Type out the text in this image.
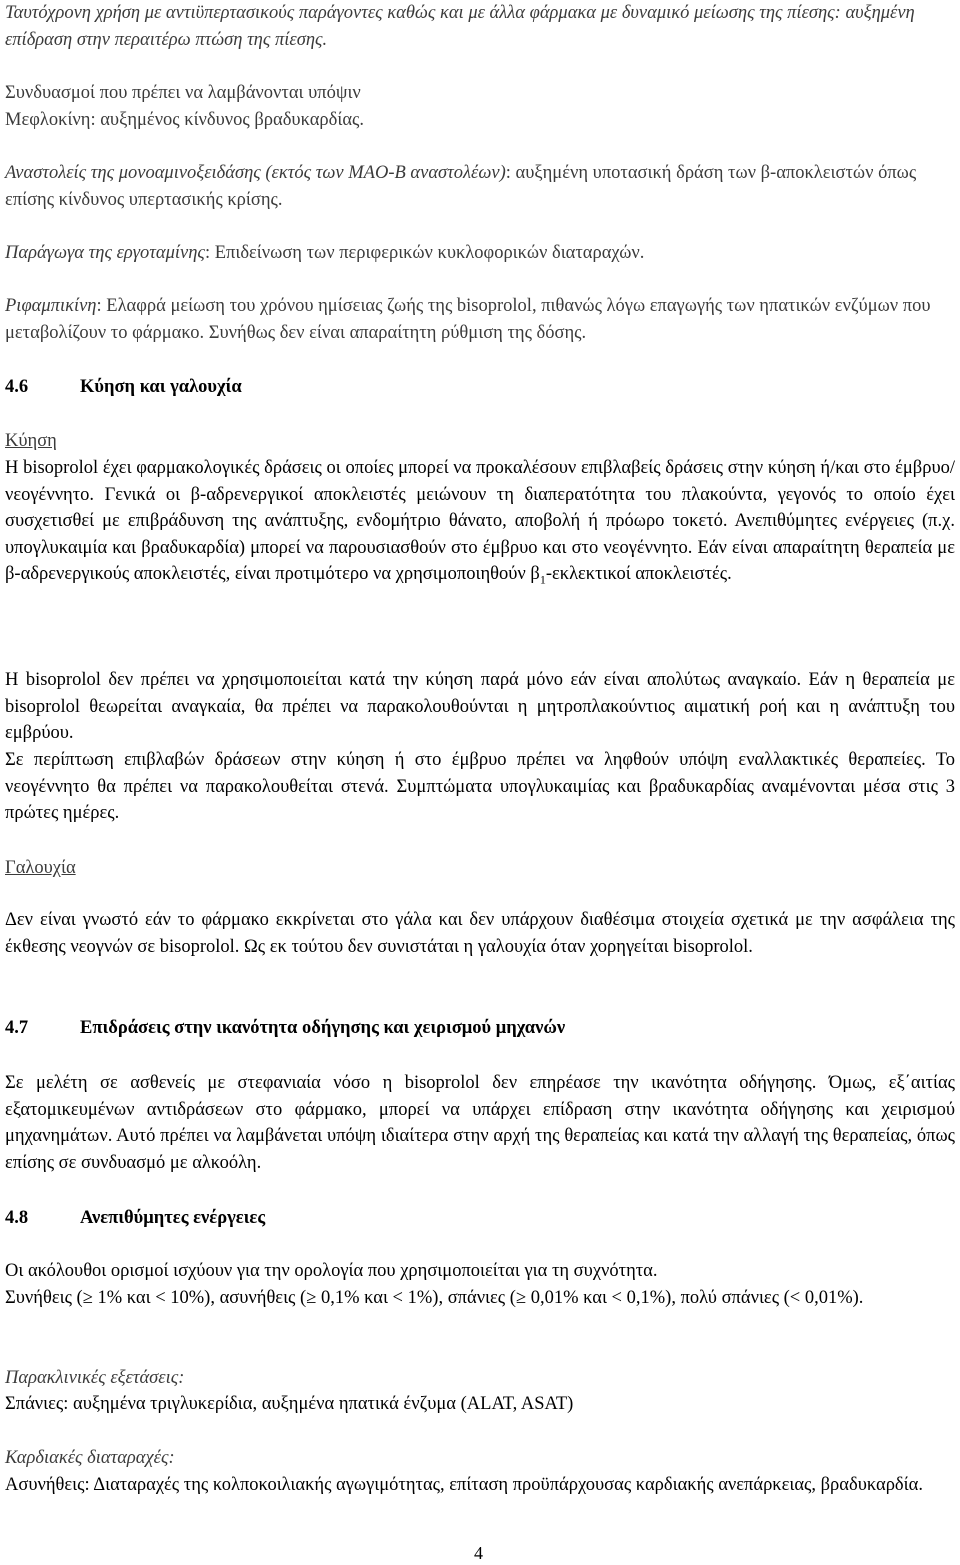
Ταυτόχρονη χρήση με αντιϋπερτασικούς παράγοντες καθώς και με άλλα φάρμακα με δυναμικό μείωσης της πίεσης: αυξημένη επίδραση στην περαιτέρω πτώση της πίεσης.
Συνδυασμοί που πρέπει να λαμβάνονται υπόψιν
Μεφλοκίνη: αυξημένος κίνδυνος βραδυκαρδίας.
Αναστολείς της μονοαμινοξειδάσης (εκτός των MAO-B αναστολέων): αυξημένη υποτασική δράση των β-αποκλειστών όπως επίσης κίνδυνος υπερτασικής κρίσης.
Παράγωγα της εργοταμίνης: Επιδείνωση των περιφερικών κυκλοφορικών διαταραχών.
Ριφαμπικίνη: Ελαφρά μείωση του χρόνου ημίσειας ζωής της bisoprolol, πιθανώς λόγω επαγωγής των ηπατικών ενζύμων που μεταβολίζουν το φάρμακο. Συνήθως δεν είναι απαραίτητη ρύθμιση της δόσης.
4.6	Κύηση και γαλουχία
Κύηση
Η bisoprolol έχει φαρμακολογικές δράσεις οι οποίες μπορεί να προκαλέσουν επιβλαβείς δράσεις στην κύηση ή/και στο έμβρυο/νεογέννητο. Γενικά οι β-αδρενεργικοί αποκλειστές μειώνουν τη διαπερατότητα του πλακούντα, γεγονός το οποίο έχει συσχετισθεί με επιβράδυνση της ανάπτυξης, ενδομήτριο θάνατο, αποβολή ή πρόωρο τοκετό. Ανεπιθύμητες ενέργειες (π.χ. υπογλυκαιμία και βραδυκαρδία) μπορεί να παρουσιασθούν στο έμβρυο και στο νεογέννητο. Εάν είναι απαραίτητη θεραπεία με β-αδρενεργικούς αποκλειστές, είναι προτιμότερο να χρησιμοποιηθούν $\beta_1$-εκλεκτικοί αποκλειστές.
Η bisoprolol δεν πρέπει να χρησιμοποιείται κατά την κύηση παρά μόνο εάν είναι απολύτως αναγκαίο. Εάν η θεραπεία με bisoprolol θεωρείται αναγκαία, θα πρέπει να παρακολουθούνται η μητροπλακούντιος αιματική ροή και η ανάπτυξη του εμβρύου.
Σε περίπτωση επιβλαβών δράσεων στην κύηση ή στο έμβρυο πρέπει να ληφθούν υπόψη εναλλακτικές θεραπείες. Το νεογέννητο θα πρέπει να παρακολουθείται στενά. Συμπτώματα υπογλυκαιμίας και βραδυκαρδίας αναμένονται μέσα στις 3 πρώτες ημέρες.
Γαλουχία
Δεν είναι γνωστό εάν το φάρμακο εκκρίνεται στο γάλα και δεν υπάρχουν διαθέσιμα στοιχεία σχετικά με την ασφάλεια της έκθεσης νεογνών σε bisoprolol. Ως εκ τούτου δεν συνιστάται η γαλουχία όταν χορηγείται bisoprolol.
4.7	Επιδράσεις στην ικανότητα οδήγησης και χειρισμού μηχανών
Σε μελέτη σε ασθενείς με στεφανιαία νόσο η bisoprolol δεν επηρέασε την ικανότητα οδήγησης. Όμως, εξ΄αιτίας εξατομικευμένων αντιδράσεων στο φάρμακο, μπορεί να υπάρχει επίδραση στην ικανότητα οδήγησης και χειρισμού μηχανημάτων. Αυτό πρέπει να λαμβάνεται υπόψη ιδιαίτερα στην αρχή της θεραπείας και κατά την αλλαγή της θεραπείας, όπως επίσης σε συνδυασμό με αλκοόλη.
4.8	Ανεπιθύμητες ενέργειες
Οι ακόλουθοι ορισμοί ισχύουν για την ορολογία που χρησιμοποιείται για τη συχνότητα.
Συνήθεις (≥ 1% και < 10%), ασυνήθεις (≥ 0,1% και < 1%), σπάνιες (≥ 0,01% και < 0,1%), πολύ σπάνιες (< 0,01%).
Παρακλινικές εξετάσεις:
Σπάνιες: αυξημένα τριγλυκερίδια, αυξημένα ηπατικά ένζυμα (ALAT, ASAT)
Καρδιακές διαταραχές:
Ασυνήθεις: Διαταραχές της κολποκοιλιακής αγωγιμότητας, επίταση προϋπάρχουσας καρδιακής ανεπάρκειας, βραδυκαρδία.
4
